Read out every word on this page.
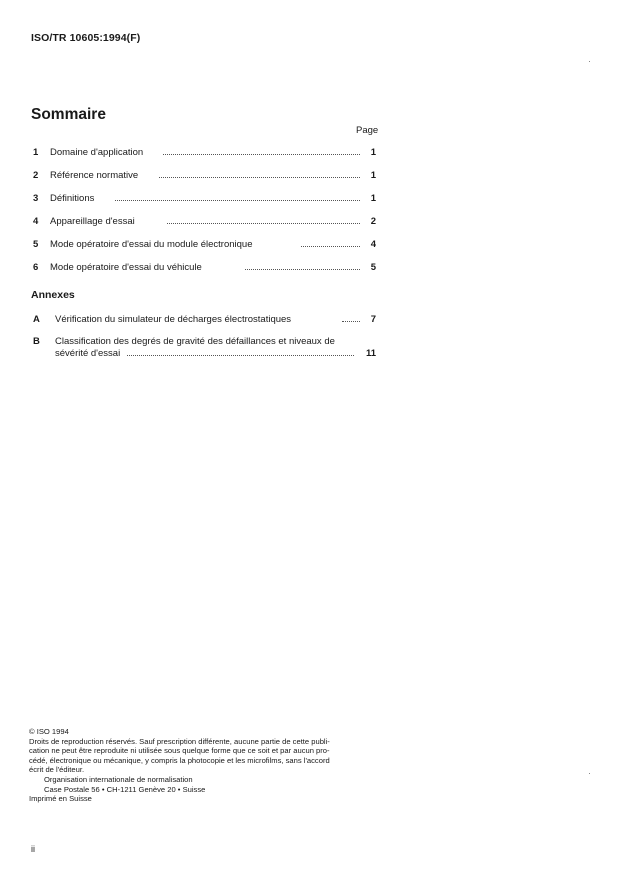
ISO/TR 10605:1994(F)
Sommaire
Page
1 Domaine d'application	1
2 Référence normative	1
3 Définitions	1
4 Appareillage d'essai	2
5 Mode opératoire d'essai du module électronique	4
6 Mode opératoire d'essai du véhicule	5
Annexes
A Vérification du simulateur de décharges électrostatiques	7
B Classification des degrés de gravité des défaillances et niveaux de
sévérité d'essai	11
© ISO 1994
Droits de reproduction réservés. Sauf prescription différente, aucune partie de cette publi-
cation ne peut être reproduite ni utilisée sous quelque forme que ce soit et par aucun pro-
cédé, électronique ou mécanique, y compris la photocopie et les microfilms, sans l'accord
écrit de l'éditeur.
Organisation internationale de normalisation
Case Postale 56 • CH-1211 Genève 20 • Suisse
Imprimé en Suisse
ii
